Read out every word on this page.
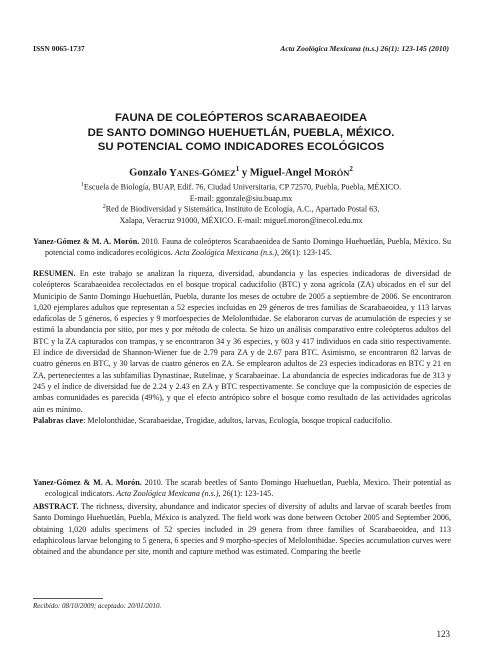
ISSN 0065-1737	Acta Zoológica Mexicana (n.s.) 26(1): 123-145 (2010)
FAUNA DE COLEÓPTEROS SCARABAEOIDEA
DE SANTO DOMINGO HUEHUETLÁN, PUEBLA, MÉXICO.
SU POTENCIAL COMO INDICADORES ECOLÓGICOS
Gonzalo YANES-GÓMEZ$^1$ y Miguel-Angel MORÓN$^2$
$^1$Escuela de Biología, BUAP, Edif. 76, Ciudad Universitaria, CP 72570, Puebla, Puebla, MÉXICO.
E-mail: ggonzale@siu.buap.mx
$^2$Red de Biodiversidad y Sistemática, Instituto de Ecología, A.C., Apartado Postal 63,
Xalapa, Veracruz 91000, MÉXICO. E-mail: miguel.moron@inecol.edu.mx
Yanez-Gómez & M. A. Morón. 2010. Fauna de coleópteros Scarabaeoidea de Santo Domingo Huehuetlán, Puebla, México. Su potencial como indicadores ecológicos. Acta Zoológica Mexicana (n.s.), 26(1): 123-145.
RESUMEN. En este trabajo se analizan la riqueza, diversidad, abundancia y las especies indicadoras de diversidad de coleópteros Scarabaeoidea recolectados en el bosque tropical caducifolio (BTC) y zona agrícola (ZA) ubicados en el sur del Municipio de Santo Domingo Huehuetlán, Puebla, durante los meses de octubre de 2005 a septiembre de 2006. Se encontraron 1,020 ejemplares adultos que representan a 52 especies incluidas en 29 géneros de tres familias de Scarabaeoidea, y 113 larvas edafícolas de 5 géneros, 6 especies y 9 morfoespecies de Melolonthidae. Se elaboraron curvas de acumulación de especies y se estimó la abundancia por sitio, por mes y por método de colecta. Se hizo un análisis comparativo entre coleópteros adultos del BTC y la ZA capturados con trampas, y se encontraron 34 y 36 especies, y 603 y 417 individuos en cada sitio respectivamente. El índice de diversidad de Shannon-Wiener fue de 2.79 para ZA y de 2.67 para BTC. Asimismo, se encontraron 82 larvas de cuatro géneros en BTC, y 30 larvas de cuatro géneros en ZA. Se emplearon adultos de 23 especies indicadoras en BTC y 21 en ZA, pertenecientes a las subfamilias Dynastinae, Rutelinae, y Scarabaeinae. La abundancia de especies indicadoras fue de 313 y 245 y el índice de diversidad fue de 2.24 y 2.43 en ZA y BTC respectivamente. Se concluye que la composición de especies de ambas comunidades es parecida (49%), y que el efecto antrópico sobre el bosque como resultado de las actividades agrícolas aún es mínimo.
Palabras clave: Melolonthidae, Scarabaeidae, Trogidae, adultos, larvas, Ecología, bosque tropical caducifolio.
Yanez-Gómez & M. A. Morón. 2010. The scarab beetles of Santo Domingo Huehuetlan, Puebla, Mexico. Their potential as ecological indicators. Acta Zoológica Mexicana (n.s.), 26(1): 123-145.
ABSTRACT. The richness, diversity, abundance and indicator species of diversity of adults and larvae of scarab beetles from Santo Domingo Huehuetlán, Puebla, México is analyzed. The field work was done between October 2005 and September 2006, obtaining 1,020 adults specimens of 52 species included in 29 genera from three families of Scarabaeoidea, and 113 edaphicolous larvae belonging to 5 genera, 6 species and 9 morpho-species of Melolonthidae. Species accumulation curves were obtained and the abundance per site, month and capture method was estimated. Comparing the beetle
Recibido: 08/10/2009; aceptado: 20/01/2010.
123
